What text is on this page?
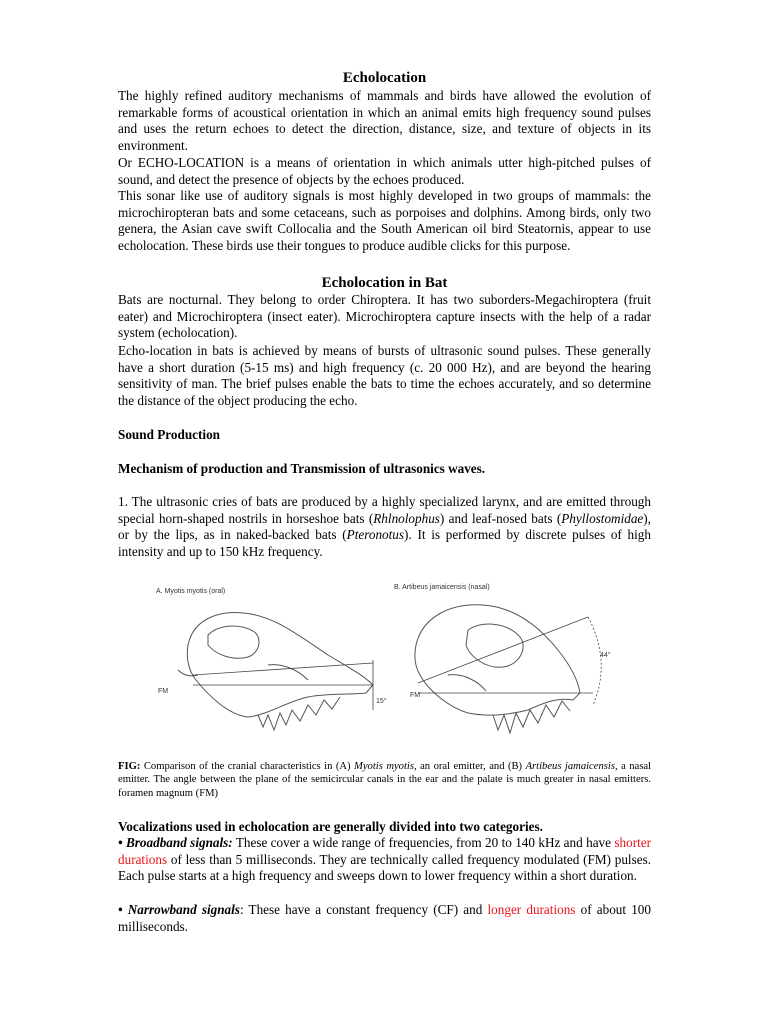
Echolocation
The highly refined auditory mechanisms of mammals and birds have allowed the evolution of remarkable forms of acoustical orientation in which an animal emits high frequency sound pulses and uses the return echoes to detect the direction, distance, size, and texture of objects in its environment.
Or ECHO-LOCATION is a means of orientation in which animals utter high-pitched pulses of sound, and detect the presence of objects by the echoes produced.
This sonar like use of auditory signals is most highly developed in two groups of mammals: the microchiropteran bats and some cetaceans, such as porpoises and dolphins. Among birds, only two genera, the Asian cave swift Collocalia and the South American oil bird Steatornis, appear to use echolocation. These birds use their tongues to produce audible clicks for this purpose.
Echolocation in Bat
Bats are nocturnal. They belong to order Chiroptera. It has two suborders-Megachiroptera (fruit eater) and Microchiroptera (insect eater). Microchiroptera capture insects with the help of a radar system (echolocation).
Echo-location in bats is achieved by means of bursts of ultrasonic sound pulses. These generally have a short duration (5-15 ms) and high frequency (c. 20 000 Hz), and are beyond the hearing sensitivity of man. The brief pulses enable the bats to time the echoes accurately, and so determine the distance of the object producing the echo.
Sound Production
Mechanism of production and Transmission of ultrasonics waves.
1. The ultrasonic cries of bats are produced by a highly specialized larynx, and are emitted through special horn-shaped nostrils in horseshoe bats (Rhlnolophus) and leaf-nosed bats (Phyllostomidae), or by the lips, as in naked-backed bats (Pteronotus). It is performed by discrete pulses of high intensity and up to 150 kHz frequency.
FIG: Comparison of the cranial characteristics in (A) Myotis myotis, an oral emitter, and (B) Artibeus jamaicensis, a nasal emitter. The angle between the plane of the semicircular canals in the ear and the palate is much greater in nasal emitters. foramen magnum (FM)
Vocalizations used in echolocation are generally divided into two categories.
• Broadband signals: These cover a wide range of frequencies, from 20 to 140 kHz and have shorter durations of less than 5 milliseconds. They are technically called frequency modulated (FM) pulses. Each pulse starts at a high frequency and sweeps down to lower frequency within a short duration.
• Narrowband signals: These have a constant frequency (CF) and longer durations of about 100 milliseconds.
A. Myotis myotis (oral)
FM
15°
B. Artibeus jamaicensis (nasal)
FM
44°
